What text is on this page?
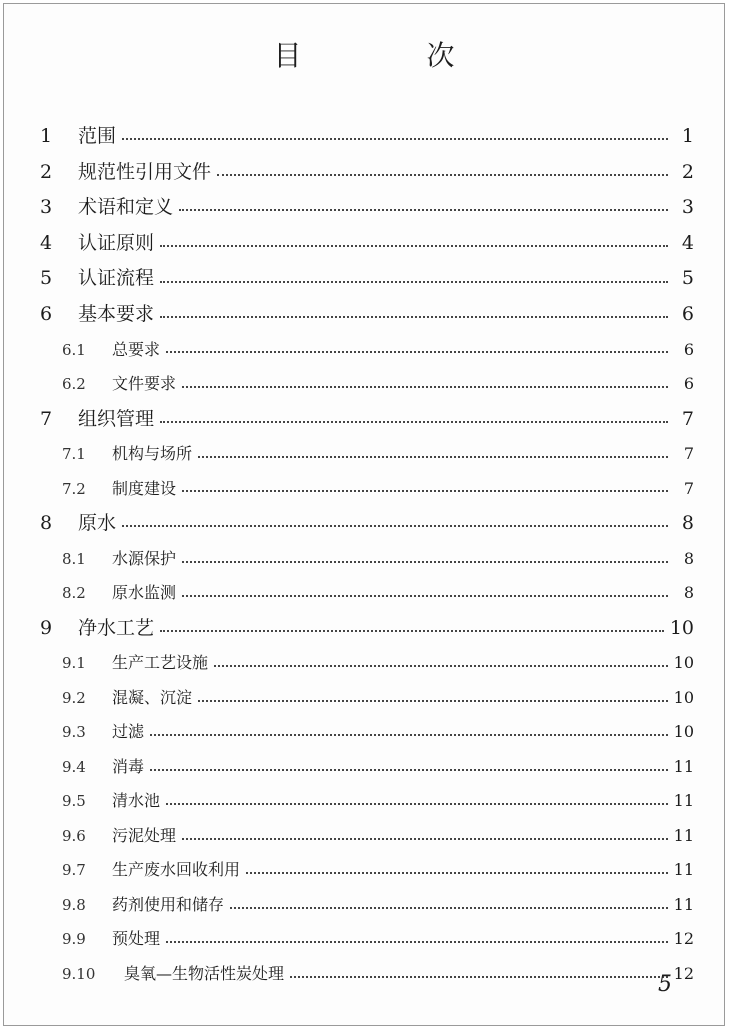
目 次
1	范围	1
2	规范性引用文件	2
3	术语和定义	3
4	认证原则	4
5	认证流程	5
6	基本要求	6
6.1	总要求	6
6.2	文件要求	6
7	组织管理	7
7.1	机构与场所	7
7.2	制度建设	7
8	原水	8
8.1	水源保护	8
8.2	原水监测	8
9	净水工艺	10
9.1	生产工艺设施	10
9.2	混凝、沉淀	10
9.3	过滤	10
9.4	消毒	11
9.5	清水池	11
9.6	污泥处理	11
9.7	生产废水回收利用	11
9.8	药剂使用和储存	11
9.9	预处理	12
9.10	臭氧—生物活性炭处理	12
5
